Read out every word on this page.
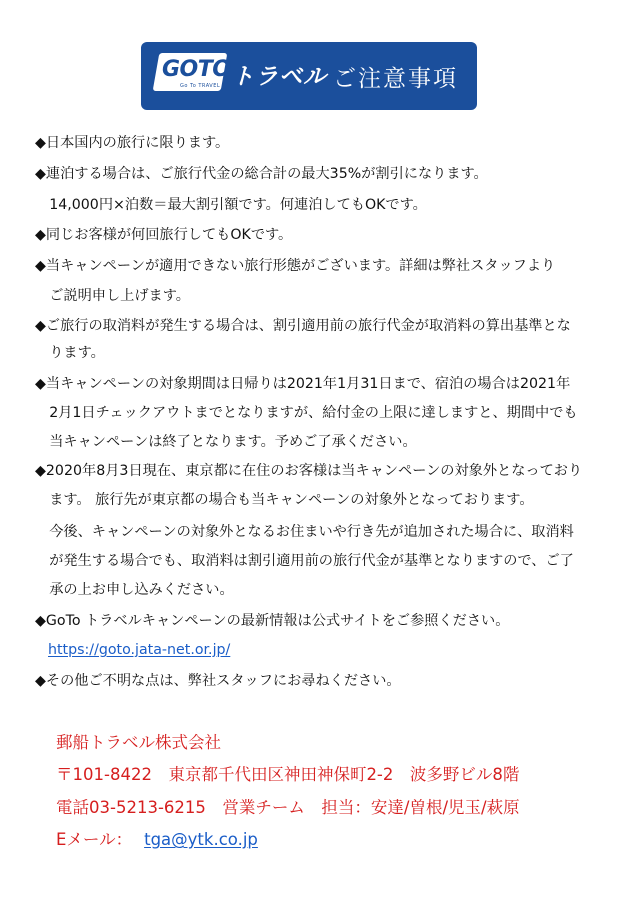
GOTO
Go To TRAVEL トラベル ご注意事項
◆日本国内の旅行に限ります。
◆連泊する場合は、ご旅行代金の総合計の最大35%が割引になります。
　14,000円×泊数＝最大割引額です。何連泊してもOKです。
◆同じお客様が何回旅行してもOKです。
◆当キャンペーンが適用できない旅行形態がございます。詳細は弊社スタッフより
　ご説明申し上げます。
◆ご旅行の取消料が発生する場合は、割引適用前の旅行代金が取消料の算出基準とな
　ります。
◆当キャンペーンの対象期間は日帰りは2021年1月31日まで、宿泊の場合は2021年
　2月1日チェックアウトまでとなりますが、給付金の上限に達しますと、期間中でも
　当キャンペーンは終了となります。予めご了承ください。
◆2020年8月3日現在、東京都に在住のお客様は当キャンペーンの対象外となっており
　ます。 旅行先が東京都の場合も当キャンペーンの対象外となっております。
　今後、キャンペーンの対象外となるお住まいや行き先が追加された場合に、取消料
　が発生する場合でも、取消料は割引適用前の旅行代金が基準となりますので、ご了
　承の上お申し込みください。
◆GoTo トラベルキャンペーンの最新情報は公式サイトをご参照ください。
https://goto.jata-net.or.jp/
◆その他ご不明な点は、弊社スタッフにお尋ねください。
郵船トラベル株式会社
〒101-8422　東京都千代田区神田神保町2-2　波多野ビル8階
電話03-5213-6215　営業チーム　担当：安達/曽根/児玉/萩原
Eメール： tga@ytk.co.jp
